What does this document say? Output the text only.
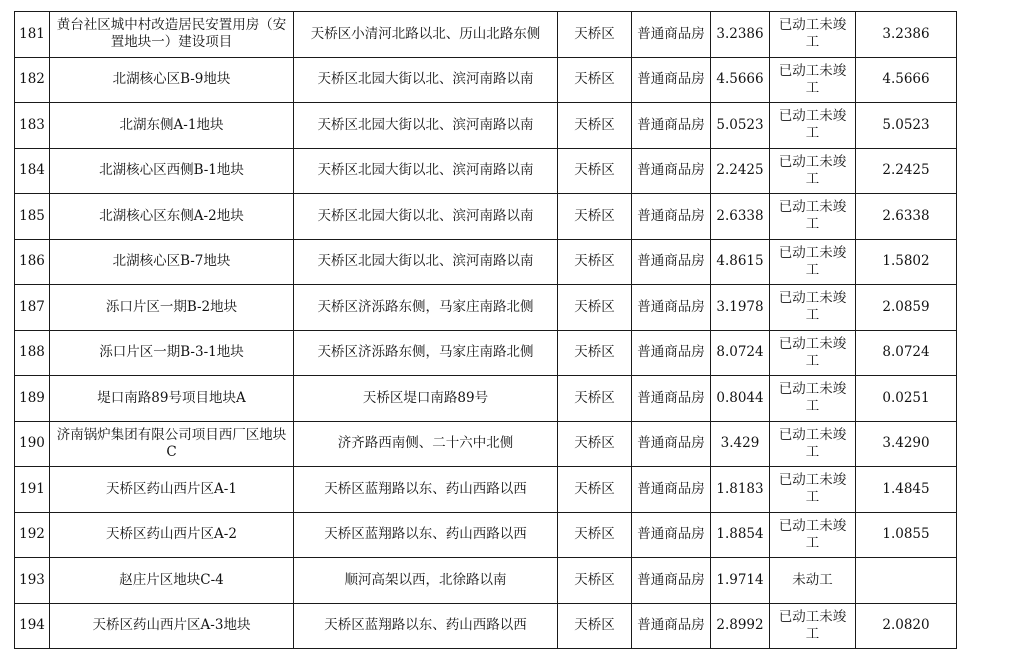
181	黄台社区城中村改造居民安置用房（安置地块一）建设项目	天桥区小清河北路以北、历山北路东侧	天桥区	普通商品房	3.2386	已动工未竣工	3.2386
182	北湖核心区B-9地块	天桥区北园大街以北、滨河南路以南	天桥区	普通商品房	4.5666	已动工未竣工	4.5666
183	北湖东侧A-1地块	天桥区北园大街以北、滨河南路以南	天桥区	普通商品房	5.0523	已动工未竣工	5.0523
184	北湖核心区西侧B-1地块	天桥区北园大街以北、滨河南路以南	天桥区	普通商品房	2.2425	已动工未竣工	2.2425
185	北湖核心区东侧A-2地块	天桥区北园大街以北、滨河南路以南	天桥区	普通商品房	2.6338	已动工未竣工	2.6338
186	北湖核心区B-7地块	天桥区北园大街以北、滨河南路以南	天桥区	普通商品房	4.8615	已动工未竣工	1.5802
187	泺口片区一期B-2地块	天桥区济泺路东侧，马家庄南路北侧	天桥区	普通商品房	3.1978	已动工未竣工	2.0859
188	泺口片区一期B-3-1地块	天桥区济泺路东侧，马家庄南路北侧	天桥区	普通商品房	8.0724	已动工未竣工	8.0724
189	堤口南路89号项目地块A	天桥区堤口南路89号	天桥区	普通商品房	0.8044	已动工未竣工	0.0251
190	济南锅炉集团有限公司项目西厂区地块C	济齐路西南侧、二十六中北侧	天桥区	普通商品房	3.429	已动工未竣工	3.4290
191	天桥区药山西片区A-1	天桥区蓝翔路以东、药山西路以西	天桥区	普通商品房	1.8183	已动工未竣工	1.4845
192	天桥区药山西片区A-2	天桥区蓝翔路以东、药山西路以西	天桥区	普通商品房	1.8854	已动工未竣工	1.0855
193	赵庄片区地块C-4	顺河高架以西，北徐路以南	天桥区	普通商品房	1.9714	未动工	
194	天桥区药山西片区A-3地块	天桥区蓝翔路以东、药山西路以西	天桥区	普通商品房	2.8992	已动工未竣工	2.0820
